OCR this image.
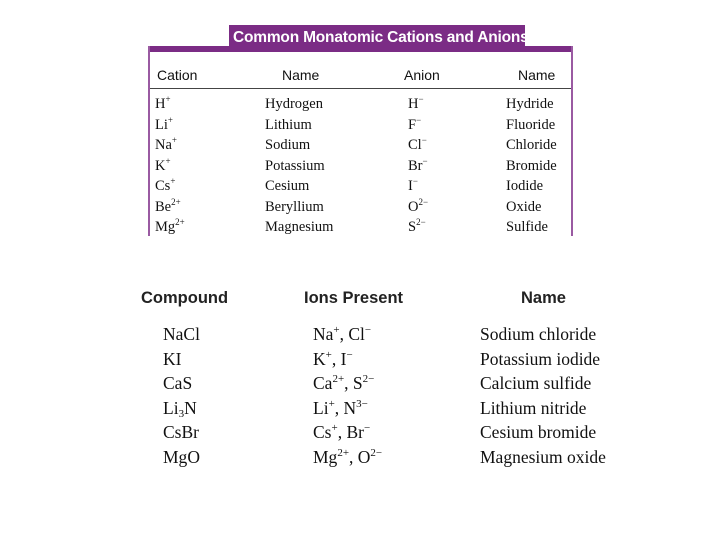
Common Monatomic Cations and Anions
Cation	Name	Anion	Name
H+	Hydrogen	H−	Hydride
Li+	Lithium	F−	Fluoride
Na+	Sodium	Cl−	Chloride
K+	Potassium	Br−	Bromide
Cs+	Cesium	I−	Iodide
$Be^{2+}$	Beryllium	$O^{2-}$	Oxide
$Mg^{2+}$	Magnesium	$S^{2-}$	Sulfide
Compound	Ions Present	Name
NaCl	Na+, Cl−	Sodium chloride
KI	K+, I−	Potassium iodide
CaS	$Ca^{2+}$, $S^{2-}$	Calcium sulfide
$Li_3N$	Li+, $N^{3-}$	Lithium nitride
CsBr	Cs+, Br−	Cesium bromide
MgO	$Mg^{2+}$, $O^{2-}$	Magnesium oxide
